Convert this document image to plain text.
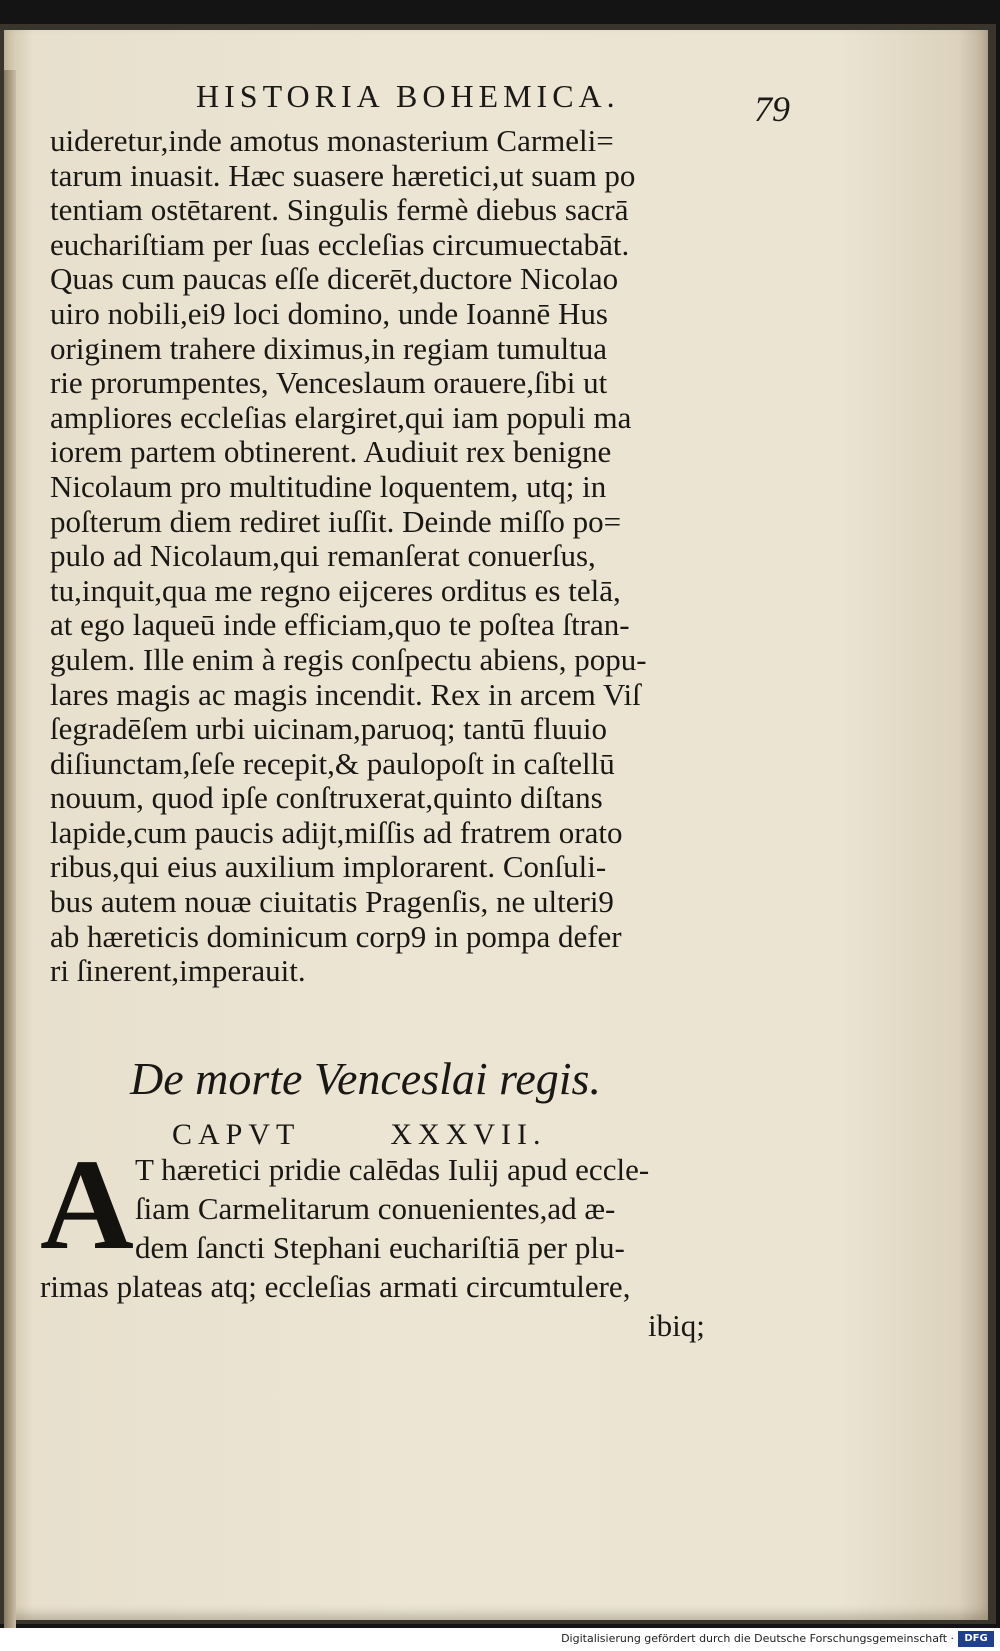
HISTORIA BOHEMICA.	79
uideretur,inde amotus monasterium Carmeli=
tarum inuasit. Hæc suasere hæretici,ut suam po
tentiam ostētarent. Singulis fermè diebus sacrā
euchariſtiam per ſuas eccleſias circumuectabāt.
Quas cum paucas eſſe dicerēt,ductore Nicolao
uiro nobili,ei9 loci domino, unde Ioannē Hus
originem trahere diximus,in regiam tumultua
rie prorumpentes, Venceslaum orauere,ſibi ut
ampliores eccleſias elargiret,qui iam populi ma
iorem partem obtinerent. Audiuit rex benigne
Nicolaum pro multitudine loquentem, utq; in
poſterum diem rediret iuſſit. Deinde miſſo po=
pulo ad Nicolaum,qui remanſerat conuerſus,
tu,inquit,qua me regno eijceres orditus es telā,
at ego laqueū inde efficiam,quo te poſtea ſtran-
gulem. Ille enim à regis conſpectu abiens, popu-
lares magis ac magis incendit. Rex in arcem Viſ
ſegradēſem urbi uicinam,paruoq; tantū fluuio
diſiunctam,ſeſe recepit,& paulopoſt in caſtellū
nouum, quod ipſe conſtruxerat,quinto diſtans
lapide,cum paucis adijt,miſſis ad fratrem orato
ribus,qui eius auxilium implorarent. Conſuli-
bus autem nouæ ciuitatis Pragenſis, ne ulteri9
ab hæreticis dominicum corp9 in pompa defer
ri ſinerent,imperauit.
De morte Venceslai regis.
CAPVT	XXXVII.
A T hæretici pridie calēdas Iulij apud eccle-
ſiam Carmelitarum conuenientes,ad æ-
dem ſancti Stephani euchariſtiā per plu-
rimas plateas atq; eccleſias armati circumtulere,
ibiq;
Digitalisierung gefördert durch die Deutsche Forschungsgemeinschaft ·	DFG
